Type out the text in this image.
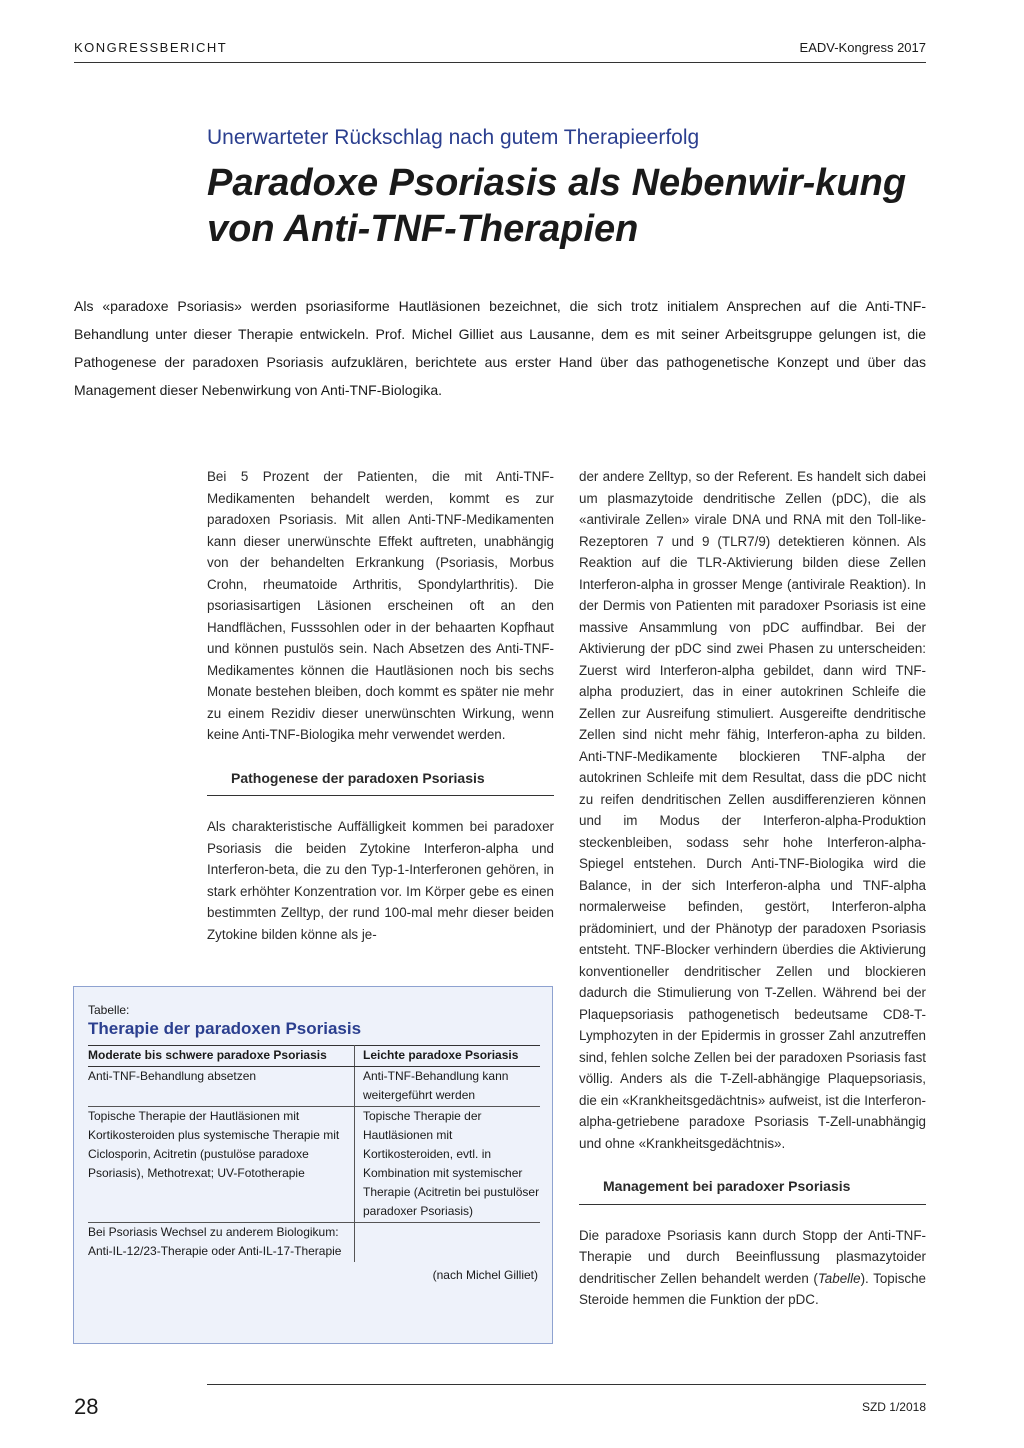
KONGRESSBERICHT	EADV-Kongress 2017
Unerwarteter Rückschlag nach gutem Therapieerfolg
Paradoxe Psoriasis als Nebenwir-kung von Anti-TNF-Therapien

Als «paradoxe Psoriasis» werden psoriasiforme Hautläsionen bezeichnet, die sich trotz initialem Ansprechen auf die Anti-TNF-Behandlung unter dieser Therapie entwickeln. Prof. Michel Gilliet aus Lausanne, dem es mit seiner Arbeitsgruppe gelungen ist, die Pathogenese der paradoxen Psoriasis aufzuklären, berichtete aus erster Hand über das pathogenetische Konzept und über das Management dieser Nebenwirkung von Anti-TNF-Biologika.

Bei 5 Prozent der Patienten, die mit Anti-TNF-Medikamenten behandelt werden, kommt es zur paradoxen Psoriasis. Mit allen Anti-TNF-Medikamenten kann dieser unerwünschte Effekt auftreten, unabhängig von der behandelten Erkrankung (Psoriasis, Morbus Crohn, rheumatoide Arthritis, Spondylarthritis). Die psoriasisartigen Läsionen erscheinen oft an den Handflächen, Fusssohlen oder in der behaarten Kopfhaut und können pustulös sein. Nach Absetzen des Anti-TNF-Medikamentes können die Hautläsionen noch bis sechs Monate bestehen bleiben, doch kommt es später nie mehr zu einem Rezidiv dieser unerwünschten Wirkung, wenn keine Anti-TNF-Biologika mehr verwendet werden.

Pathogenese der paradoxen Psoriasis

Als charakteristische Auffälligkeit kommen bei paradoxer Psoriasis die beiden Zytokine Interferon-alpha und Interferon-beta, die zu den Typ-1-Interferonen gehören, in stark erhöhter Konzentration vor. Im Körper gebe es einen bestimmten Zelltyp, der rund 100-mal mehr dieser beiden Zytokine bilden könne als je-

der andere Zelltyp, so der Referent. Es handelt sich dabei um plasmazytoide dendritische Zellen (pDC), die als «antivirale Zellen» virale DNA und RNA mit den Toll-like-Rezeptoren 7 und 9 (TLR7/9) detektieren können. Als Reaktion auf die TLR-Aktivierung bilden diese Zellen Interferon-alpha in grosser Menge (antivirale Reaktion). In der Dermis von Patienten mit paradoxer Psoriasis ist eine massive Ansammlung von pDC auffindbar. Bei der Aktivierung der pDC sind zwei Phasen zu unterscheiden: Zuerst wird Interferon-alpha gebildet, dann wird TNF-alpha produziert, das in einer autokrinen Schleife die Zellen zur Ausreifung stimuliert. Ausgereifte dendritische Zellen sind nicht mehr fähig, Interferon-apha zu bilden. Anti-TNF-Medikamente blockieren TNF-alpha der autokrinen Schleife mit dem Resultat, dass die pDC nicht zu reifen dendritischen Zellen ausdifferenzieren können und im Modus der Interferon-alpha-Produktion steckenbleiben, sodass sehr hohe Interferon-alpha-Spiegel entstehen. Durch Anti-TNF-Biologika wird die Balance, in der sich Interferon-alpha und TNF-alpha normalerweise befinden, gestört, Interferon-alpha prädominiert, und der Phänotyp der paradoxen Psoriasis entsteht. TNF-Blocker verhindern überdies die Aktivierung konventioneller dendritischer Zellen und blockieren dadurch die Stimulierung von T-Zellen. Während bei der Plaquepsoriasis pathogenetisch bedeutsame CD8-T-Lymphozyten in der Epidermis in grosser Zahl anzutreffen sind, fehlen solche Zellen bei der paradoxen Psoriasis fast völlig. Anders als die T-Zell-abhängige Plaquepsoriasis, die ein «Krankheitsgedächtnis» aufweist, ist die Interferon-alpha-getriebene paradoxe Psoriasis T-Zell-unabhängig und ohne «Krankheitsgedächtnis».

Management bei paradoxer Psoriasis

Die paradoxe Psoriasis kann durch Stopp der Anti-TNF-Therapie und durch Beeinflussung plasmazytoider dendritischer Zellen behandelt werden (Tabelle). Topische Steroide hemmen die Funktion der pDC.

Tabelle:
Therapie der paradoxen Psoriasis
Moderate bis schwere paradoxe Psoriasis	Leichte paradoxe Psoriasis
Anti-TNF-Behandlung absetzen	Anti-TNF-Behandlung kann weitergeführt werden
Topische Therapie der Hautläsionen mit Kortikosteroiden plus systemische Therapie mit Ciclosporin, Acitretin (pustulöse paradoxe Psoriasis), Methotrexat; UV-Fototherapie	Topische Therapie der Hautläsionen mit Kortikosteroiden, evtl. in Kombination mit systemischer Therapie (Acitretin bei pustulöser paradoxer Psoriasis)
Bei Psoriasis Wechsel zu anderem Biologikum: Anti-IL-12/23-Therapie oder Anti-IL-17-Therapie	
(nach Michel Gilliet)
28	SZD 1/2018
